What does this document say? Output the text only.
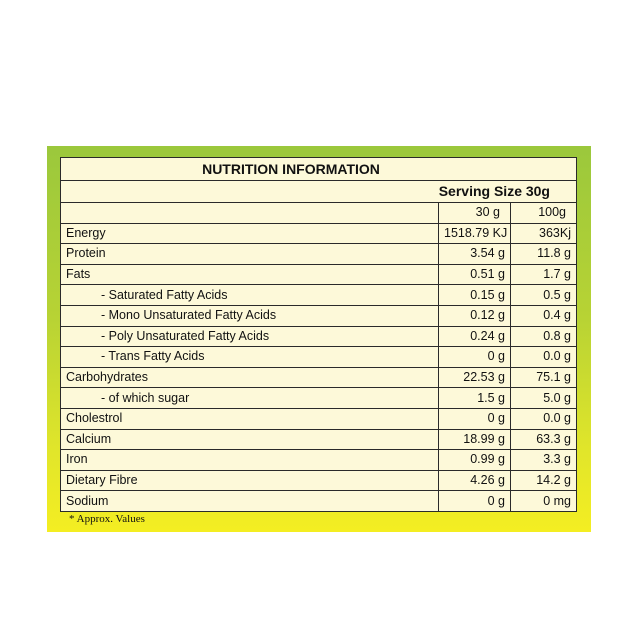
NUTRITION INFORMATION		
Serving Size 30g		
	30 g	100g
Energy	1518.79 KJ	363Kj
Protein	3.54 g	11.8 g
Fats	0.51 g	1.7 g
- Saturated Fatty Acids	0.15 g	0.5 g
- Mono Unsaturated Fatty Acids	0.12 g	0.4 g
- Poly Unsaturated Fatty Acids	0.24 g	0.8 g
- Trans Fatty Acids	0 g	0.0 g
Carbohydrates	22.53 g	75.1 g
- of which sugar	1.5 g	5.0 g
Cholestrol	0 g	0.0 g
Calcium	18.99 g	63.3 g
Iron	0.99 g	3.3 g
Dietary Fibre	4.26 g	14.2 g
Sodium	0 g	0 mg
* Approx. Values
